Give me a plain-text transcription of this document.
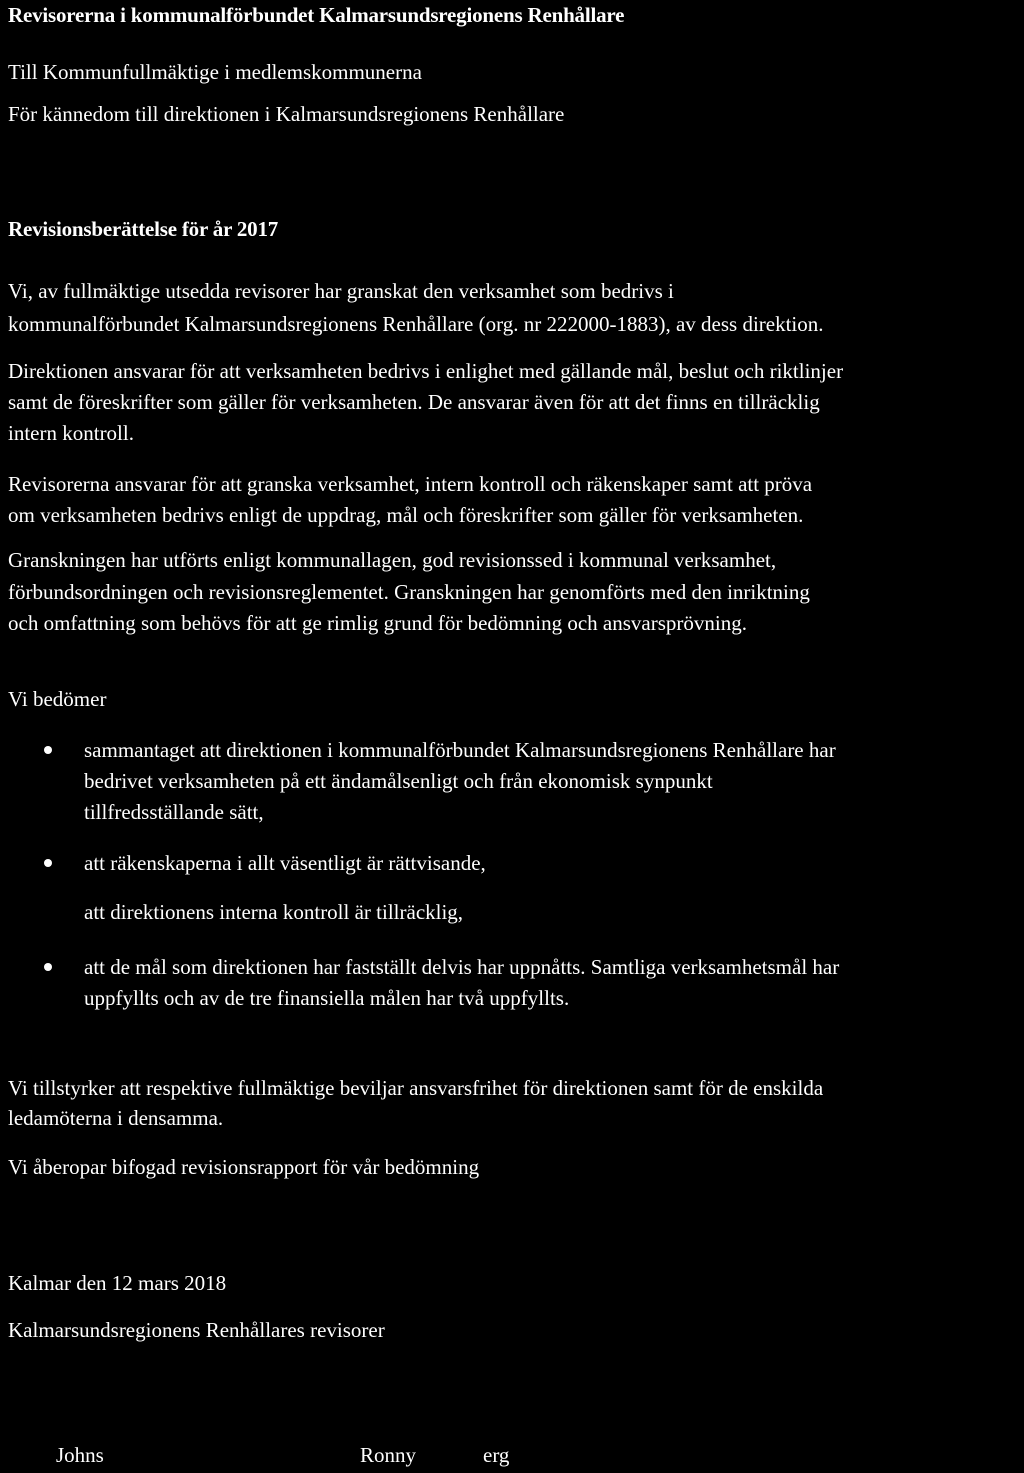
Revisorerna i kommunalförbundet Kalmarsundsregionens Renhållare
Till Kommunfullmäktige i medlemskommunerna
För kännedom till direktionen i Kalmarsundsregionens Renhållare
Revisionsberättelse för år 2017
Vi, av fullmäktige utsedda revisorer har granskat den verksamhet som bedrivs i
kommunalförbundet Kalmarsundsregionens Renhållare (org. nr 222000-1883), av dess direktion.
Direktionen ansvarar för att verksamheten bedrivs i enlighet med gällande mål, beslut och riktlinjer
samt de föreskrifter som gäller för verksamheten. De ansvarar även för att det finns en tillräcklig
intern kontroll.
Revisorerna ansvarar för att granska verksamhet, intern kontroll och räkenskaper samt att pröva
om verksamheten bedrivs enligt de uppdrag, mål och föreskrifter som gäller för verksamheten.
Granskningen har utförts enligt kommunallagen, god revisionssed i kommunal verksamhet,
förbundsordningen och revisionsreglementet. Granskningen har genomförts med den inriktning
och omfattning som behövs för att ge rimlig grund för bedömning och ansvarsprövning.
Vi bedömer
sammantaget att direktionen i kommunalförbundet Kalmarsundsregionens Renhållare har
bedrivet verksamheten på ett ändamålsenligt och från ekonomisk synpunkt
tillfredsställande sätt,
att räkenskaperna i allt väsentligt är rättvisande,
att direktionens interna kontroll är tillräcklig,
att de mål som direktionen har fastställt delvis har uppnåtts. Samtliga verksamhetsmål har
uppfyllts och av de tre finansiella målen har två uppfyllts.
Vi tillstyrker att respektive fullmäktige beviljar ansvarsfrihet för direktionen samt för de enskilda
ledamöterna i densamma.
Vi åberopar bifogad revisionsrapport för vår bedömning
Kalmar den 12 mars 2018
Kalmarsundsregionens Renhållares revisorer
Johns	Ronny	erg
